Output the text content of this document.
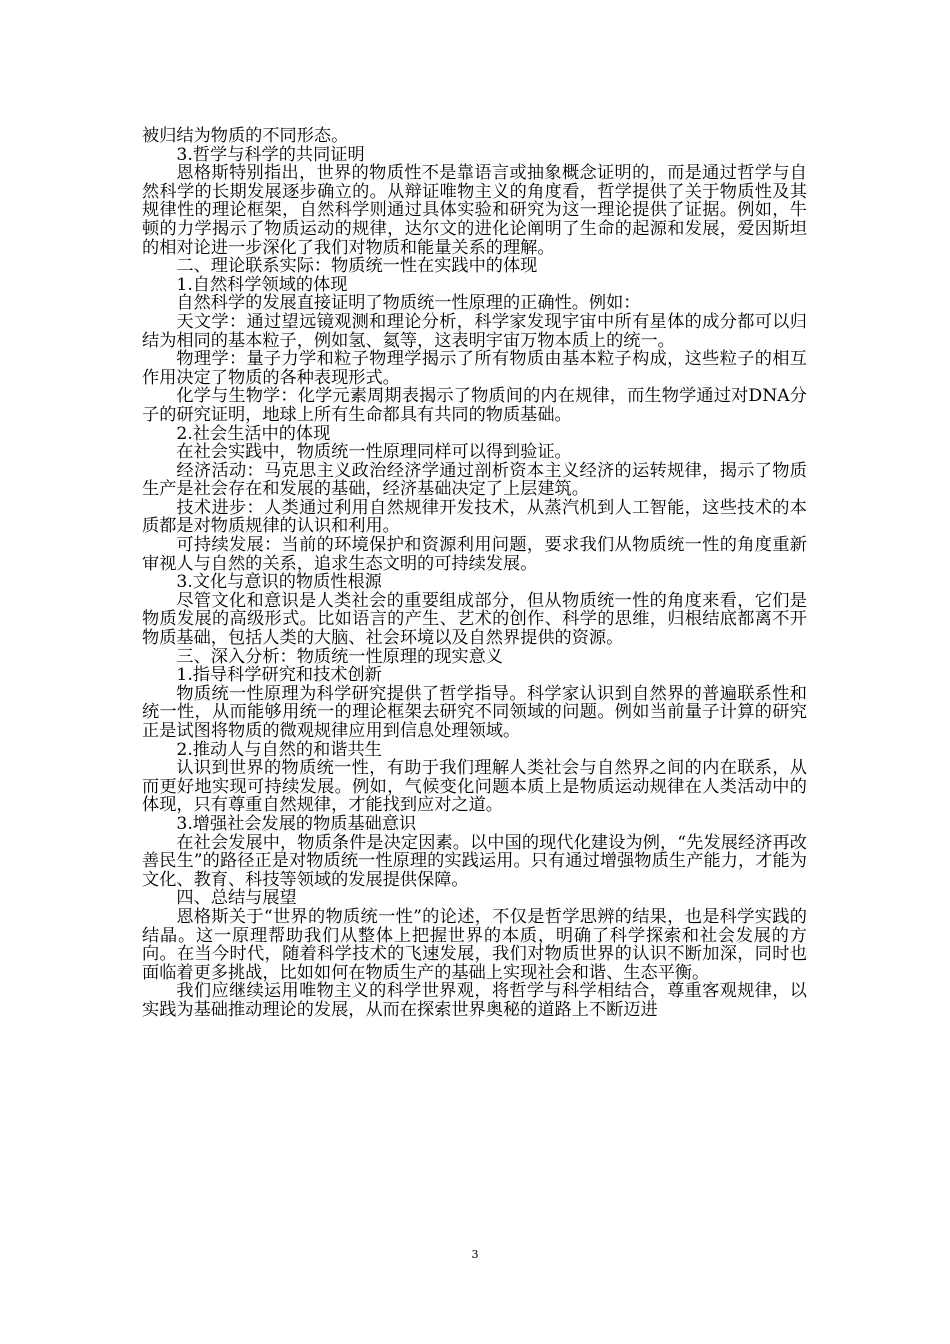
被归结为物质的不同形态。

3.哲学与科学的共同证明

恩格斯特别指出，世界的物质性不是靠语言或抽象概念证明的，而是通过哲学与自然科学的长期发展逐步确立的。从辩证唯物主义的角度看，哲学提供了关于物质性及其规律性的理论框架，自然科学则通过具体实验和研究为这一理论提供了证据。例如，牛顿的力学揭示了物质运动的规律，达尔文的进化论阐明了生命的起源和发展，爱因斯坦的相对论进一步深化了我们对物质和能量关系的理解。

二、理论联系实际：物质统一性在实践中的体现

1.自然科学领域的体现

自然科学的发展直接证明了物质统一性原理的正确性。例如：

天文学：通过望远镜观测和理论分析，科学家发现宇宙中所有星体的成分都可以归结为相同的基本粒子，例如氢、氦等，这表明宇宙万物本质上的统一。

物理学：量子力学和粒子物理学揭示了所有物质由基本粒子构成，这些粒子的相互作用决定了物质的各种表现形式。

化学与生物学：化学元素周期表揭示了物质间的内在规律，而生物学通过对DNA分子的研究证明，地球上所有生命都具有共同的物质基础。

2.社会生活中的体现

在社会实践中，物质统一性原理同样可以得到验证。

经济活动：马克思主义政治经济学通过剖析资本主义经济的运转规律，揭示了物质生产是社会存在和发展的基础，经济基础决定了上层建筑。

技术进步：人类通过利用自然规律开发技术，从蒸汽机到人工智能，这些技术的本质都是对物质规律的认识和利用。

可持续发展：当前的环境保护和资源利用问题，要求我们从物质统一性的角度重新审视人与自然的关系，追求生态文明的可持续发展。

3.文化与意识的物质性根源

尽管文化和意识是人类社会的重要组成部分，但从物质统一性的角度来看，它们是物质发展的高级形式。比如语言的产生、艺术的创作、科学的思维，归根结底都离不开物质基础，包括人类的大脑、社会环境以及自然界提供的资源。

三、深入分析：物质统一性原理的现实意义

1.指导科学研究和技术创新

物质统一性原理为科学研究提供了哲学指导。科学家认识到自然界的普遍联系性和统一性，从而能够用统一的理论框架去研究不同领域的问题。例如当前量子计算的研究正是试图将物质的微观规律应用到信息处理领域。

2.推动人与自然的和谐共生

认识到世界的物质统一性，有助于我们理解人类社会与自然界之间的内在联系，从而更好地实现可持续发展。例如，气候变化问题本质上是物质运动规律在人类活动中的体现，只有尊重自然规律，才能找到应对之道。

3.增强社会发展的物质基础意识

在社会发展中，物质条件是决定因素。以中国的现代化建设为例，“先发展经济再改善民生”的路径正是对物质统一性原理的实践运用。只有通过增强物质生产能力，才能为文化、教育、科技等领域的发展提供保障。

四、总结与展望

恩格斯关于“世界的物质统一性”的论述，不仅是哲学思辨的结果，也是科学实践的结晶。这一原理帮助我们从整体上把握世界的本质，明确了科学探索和社会发展的方向。在当今时代，随着科学技术的飞速发展，我们对物质世界的认识不断加深，同时也面临着更多挑战，比如如何在物质生产的基础上实现社会和谐、生态平衡。

我们应继续运用唯物主义的科学世界观，将哲学与科学相结合，尊重客观规律，以实践为基础推动理论的发展，从而在探索世界奥秘的道路上不断迈进

3
